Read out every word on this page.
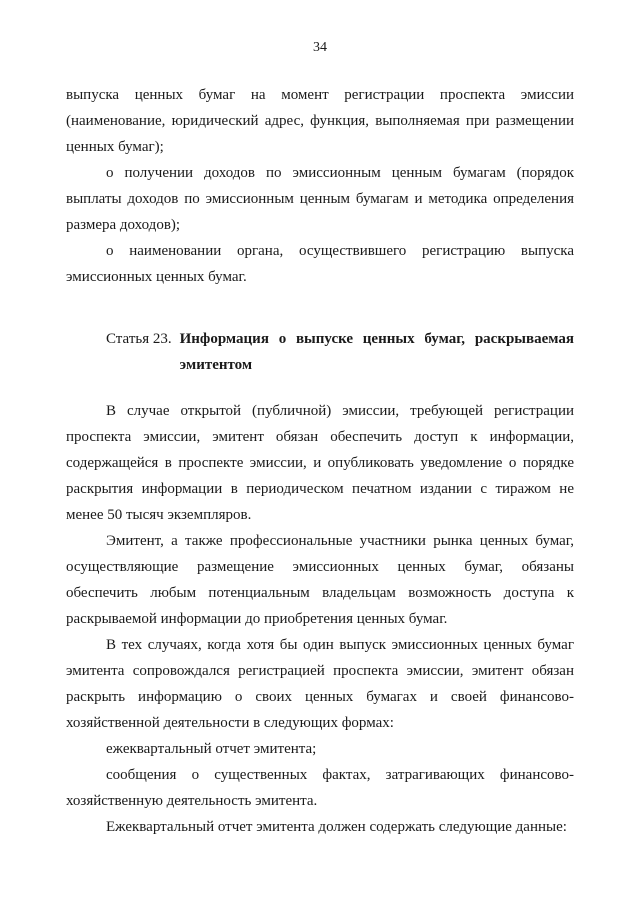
34

выпуска ценных бумаг на момент регистрации проспекта эмиссии (наименование, юридический адрес, функция, выполняемая при размещении ценных бумаг);

о получении доходов по эмиссионным ценным бумагам (порядок выплаты доходов по эмиссионным ценным бумагам и методика определения размера доходов);

о наименовании органа, осуществившего регистрацию выпуска эмиссионных ценных бумаг.

Статья 23. Информация о выпуске ценных бумаг, раскрываемая эмитентом

В случае открытой (публичной) эмиссии, требующей регистрации проспекта эмиссии, эмитент обязан обеспечить доступ к информации, содержащейся в проспекте эмиссии, и опубликовать уведомление о порядке раскрытия информации в периодическом печатном издании с тиражом не менее 50 тысяч экземпляров.

Эмитент, а также профессиональные участники рынка ценных бумаг, осуществляющие размещение эмиссионных ценных бумаг, обязаны обеспечить любым потенциальным владельцам возможность доступа к раскрываемой информации до приобретения ценных бумаг.

В тех случаях, когда хотя бы один выпуск эмиссионных ценных бумаг эмитента сопровождался регистрацией проспекта эмиссии, эмитент обязан раскрыть информацию о своих ценных бумагах и своей финансово-хозяйственной деятельности в следующих формах:

ежеквартальный отчет эмитента;

сообщения о существенных фактах, затрагивающих финансово-хозяйственную деятельность эмитента.

Ежеквартальный отчет эмитента должен содержать следующие данные:
